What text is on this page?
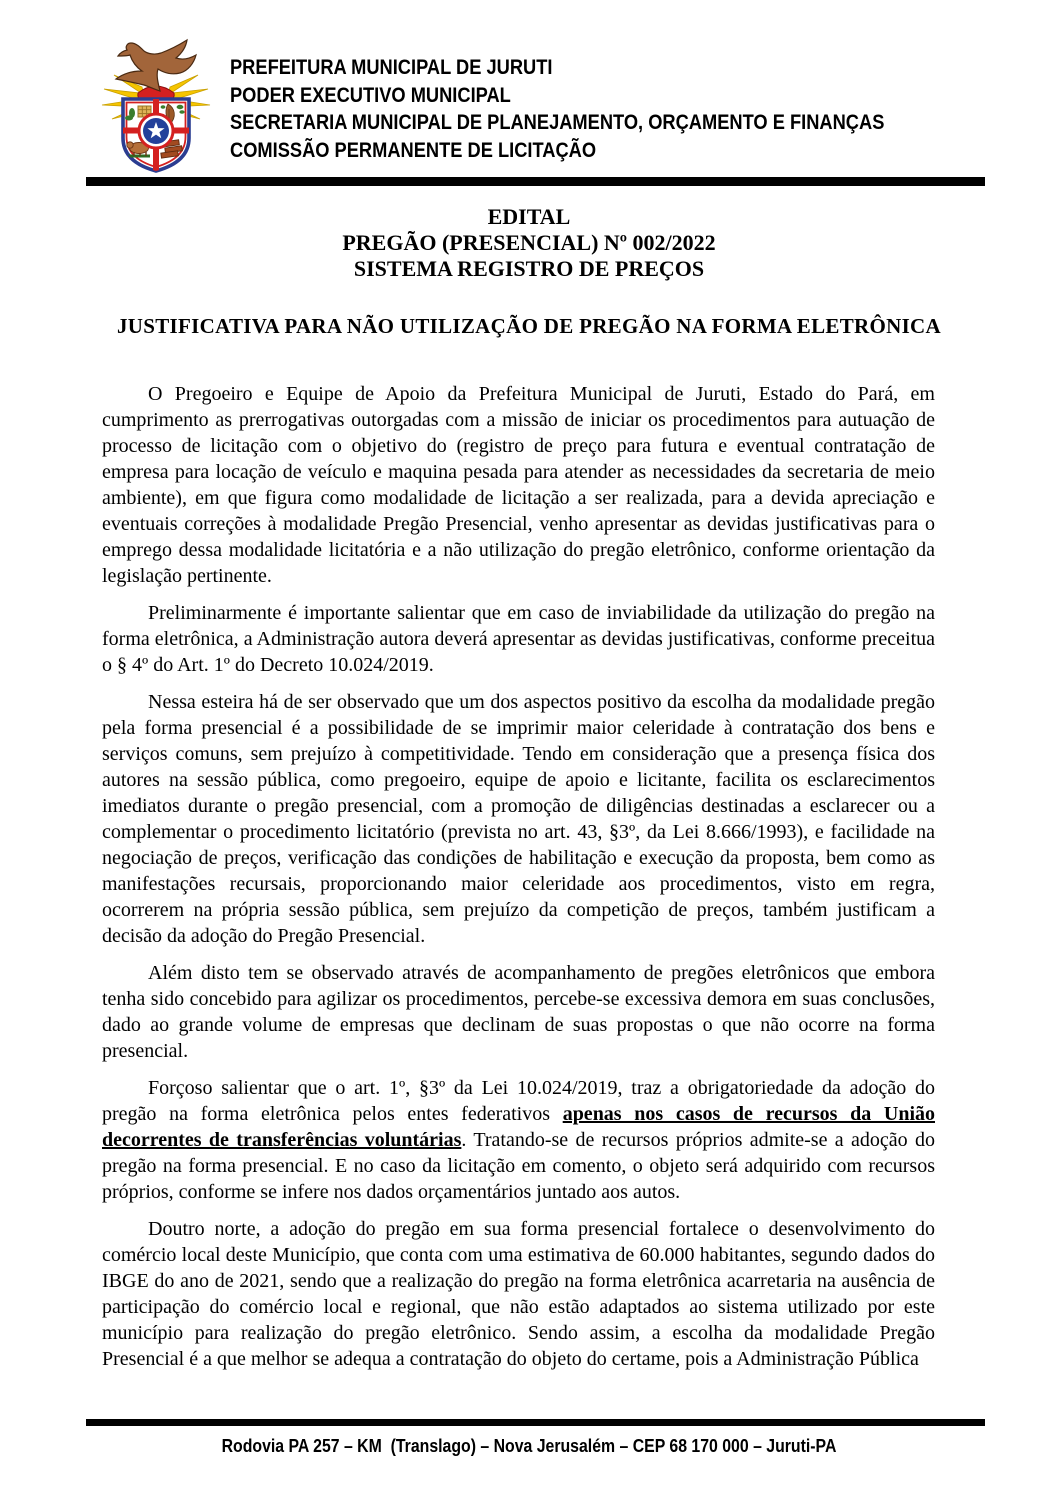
PREFEITURA MUNICIPAL DE JURUTI
PODER EXECUTIVO MUNICIPAL
SECRETARIA MUNICIPAL DE PLANEJAMENTO, ORÇAMENTO E FINANÇAS
COMISSÃO PERMANENTE DE LICITAÇÃO
EDITAL
PREGÃO (PRESENCIAL) Nº 002/2022
SISTEMA REGISTRO DE PREÇOS
JUSTIFICATIVA PARA NÃO UTILIZAÇÃO DE PREGÃO NA FORMA ELETRÔNICA

O Pregoeiro e Equipe de Apoio da Prefeitura Municipal de Juruti, Estado do Pará, em cumprimento as prerrogativas outorgadas com a missão de iniciar os procedimentos para autuação de processo de licitação com o objetivo do (registro de preço para futura e eventual contratação de empresa para locação de veículo e maquina pesada para atender as necessidades da secretaria de meio ambiente), em que figura como modalidade de licitação a ser realizada, para a devida apreciação e eventuais correções à modalidade Pregão Presencial, venho apresentar as devidas justificativas para o emprego dessa modalidade licitatória e a não utilização do pregão eletrônico, conforme orientação da legislação pertinente.

Preliminarmente é importante salientar que em caso de inviabilidade da utilização do pregão na forma eletrônica, a Administração autora deverá apresentar as devidas justificativas, conforme preceitua o § 4º do Art. 1º do Decreto 10.024/2019.

Nessa esteira há de ser observado que um dos aspectos positivo da escolha da modalidade pregão pela forma presencial é a possibilidade de se imprimir maior celeridade à contratação dos bens e serviços comuns, sem prejuízo à competitividade. Tendo em consideração que a presença física dos autores na sessão pública, como pregoeiro, equipe de apoio e licitante, facilita os esclarecimentos imediatos durante o pregão presencial, com a promoção de diligências destinadas a esclarecer ou a complementar o procedimento licitatório (prevista no art. 43, §3º, da Lei 8.666/1993), e facilidade na negociação de preços, verificação das condições de habilitação e execução da proposta, bem como as manifestações recursais, proporcionando maior celeridade aos procedimentos, visto em regra, ocorrerem na própria sessão pública, sem prejuízo da competição de preços, também justificam a decisão da adoção do Pregão Presencial.

Além disto tem se observado através de acompanhamento de pregões eletrônicos que embora tenha sido concebido para agilizar os procedimentos, percebe-se excessiva demora em suas conclusões, dado ao grande volume de empresas que declinam de suas propostas o que não ocorre na forma presencial.

Forçoso salientar que o art. 1º, §3º da Lei 10.024/2019, traz a obrigatoriedade da adoção do pregão na forma eletrônica pelos entes federativos apenas nos casos de recursos da União decorrentes de transferências voluntárias. Tratando-se de recursos próprios admite-se a adoção do pregão na forma presencial. E no caso da licitação em comento, o objeto será adquirido com recursos próprios, conforme se infere nos dados orçamentários juntado aos autos.

Doutro norte, a adoção do pregão em sua forma presencial fortalece o desenvolvimento do comércio local deste Município, que conta com uma estimativa de 60.000 habitantes, segundo dados do IBGE do ano de 2021, sendo que a realização do pregão na forma eletrônica acarretaria na ausência de participação do comércio local e regional, que não estão adaptados ao sistema utilizado por este município para realização do pregão eletrônico. Sendo assim, a escolha da modalidade Pregão Presencial é a que melhor se adequa a contratação do objeto do certame, pois a Administração Pública

Rodovia PA 257 – KM  (Translago) – Nova Jerusalém – CEP 68 170 000 – Juruti-PA
